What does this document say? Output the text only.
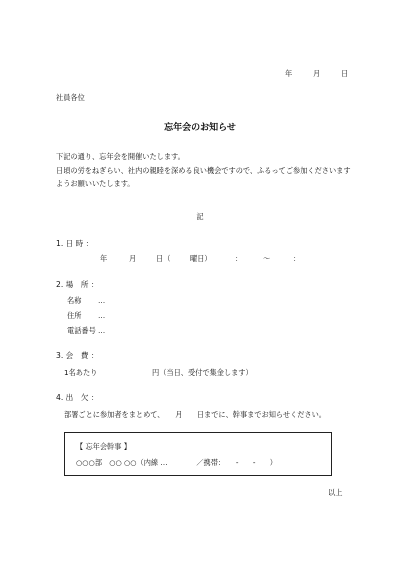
年	月	日
社員各位
忘年会のお知らせ
下記の通り、忘年会を開催いたします。
日頃の労をねぎらい、社内の親睦を深める良い機会ですので、ふるってご参加くださいます
ようお願いいたします。
記
1. 日 時 ：
年	月	日（	曜日）	：	～	：
2. 場　所 ：
名称 …
住所 …
電話番号 …
3. 会　費 ：
1名あたり	円（当日、受付で集金します）
4. 出　欠 ：
部署ごとに参加者をまとめて、　　月　　日までに、幹事までお知らせください。
【 忘年会幹事 】
○○○部　○○ ○○（内線 …　　　　／携帯：　　-　　-　　）
以上
